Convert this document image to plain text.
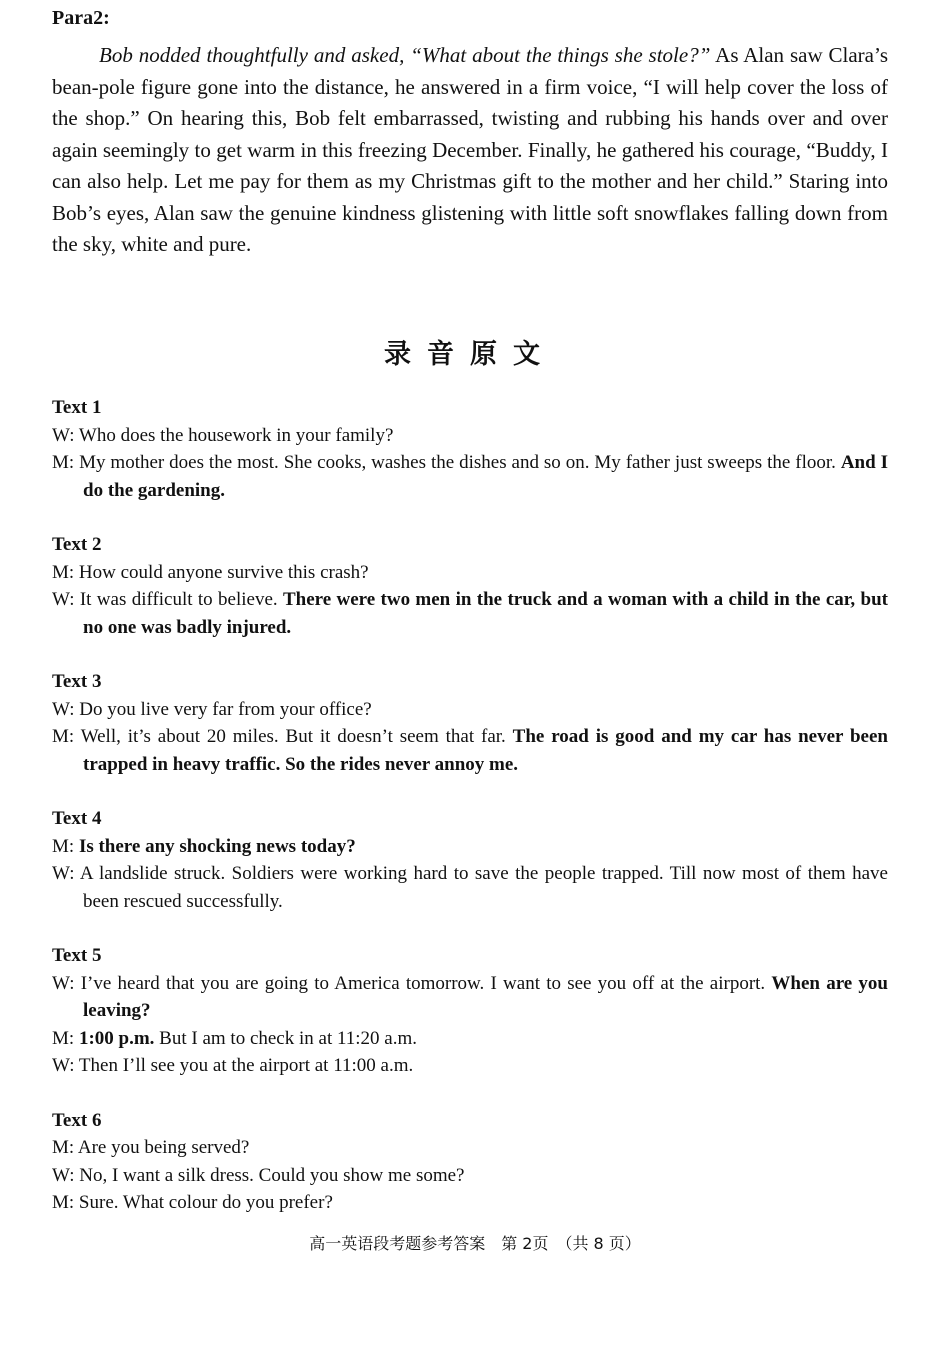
Para2:

Bob nodded thoughtfully and asked, “What about the things she stole?” As Alan saw Clara’s bean-pole figure gone into the distance, he answered in a firm voice, “I will help cover the loss of the shop.” On hearing this, Bob felt embarrassed, twisting and rubbing his hands over and over again seemingly to get warm in this freezing December. Finally, he gathered his courage, “Buddy, I can also help. Let me pay for them as my Christmas gift to the mother and her child.” Staring into Bob’s eyes, Alan saw the genuine kindness glistening with little soft snowflakes falling down from the sky, white and pure.

录音原文
Text 1
W: Who does the housework in your family?
M: My mother does the most. She cooks, washes the dishes and so on. My father just sweeps the floor. And I do the gardening.
Text 2
M: How could anyone survive this crash?
W: It was difficult to believe. There were two men in the truck and a woman with a child in the car, but no one was badly injured.
Text 3
W: Do you live very far from your office?
M: Well, it’s about 20 miles. But it doesn’t seem that far. The road is good and my car has never been trapped in heavy traffic. So the rides never annoy me.
Text 4
M: Is there any shocking news today?
W: A landslide struck. Soldiers were working hard to save the people trapped. Till now most of them have been rescued successfully.
Text 5
W: I’ve heard that you are going to America tomorrow. I want to see you off at the airport. When are you leaving?
M: 1:00 p.m. But I am to check in at 11:20 a.m.
W: Then I’ll see you at the airport at 11:00 a.m.
Text 6
M: Are you being served?
W: No, I want a silk dress. Could you show me some?
M: Sure. What colour do you prefer?
高一英语段考题参考答案　第 2页　（共 8 页）
